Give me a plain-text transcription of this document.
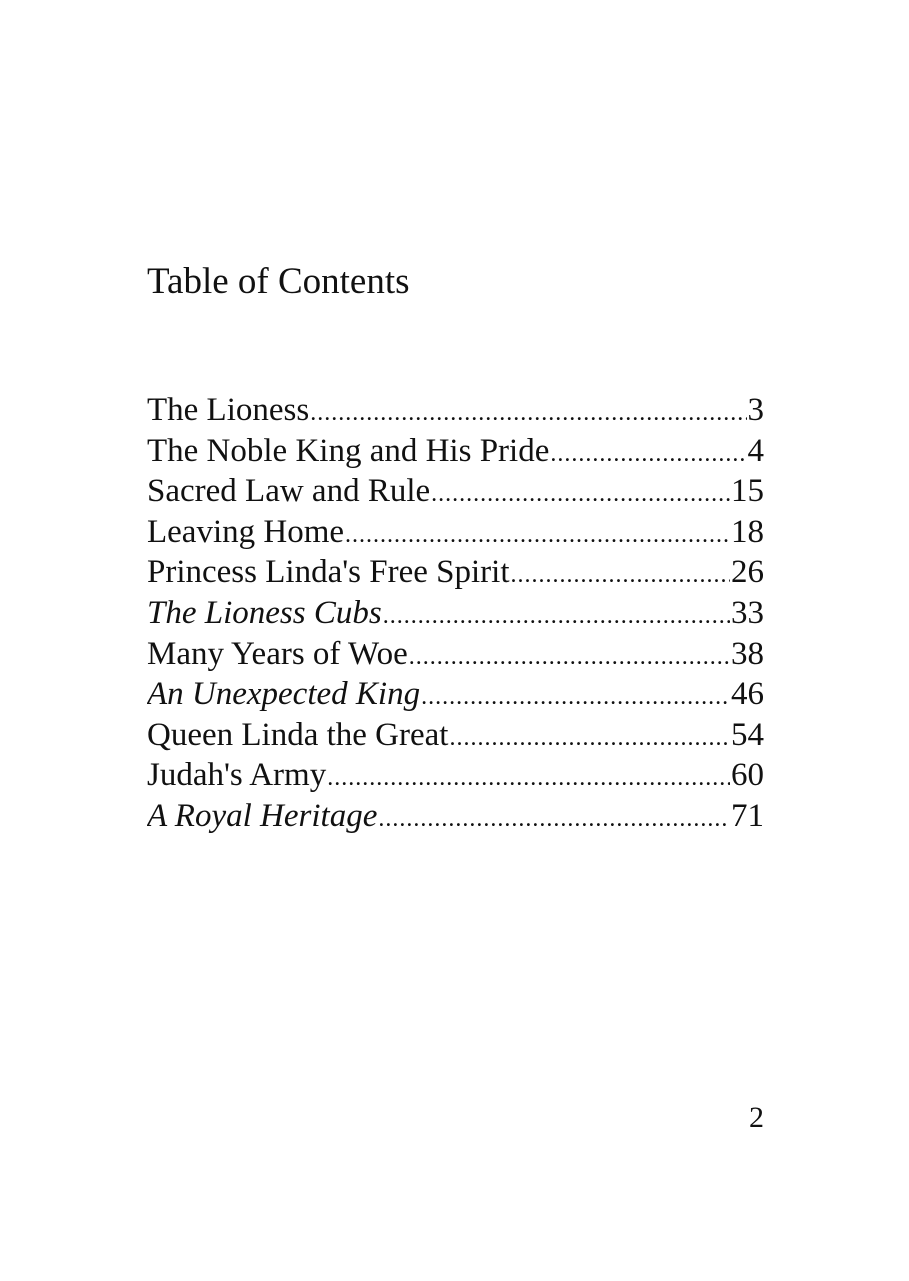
Table of Contents
The Lioness .....	3
The Noble King and His Pride .....	4
Sacred Law and Rule .....	15
Leaving Home .....	18
Princess Linda's Free Spirit .....	26
The Lioness Cubs .....	33
Many Years of Woe .....	38
An Unexpected King .....	46
Queen Linda the Great .....	54
Judah's Army .....	60
A Royal Heritage .....	71

2
